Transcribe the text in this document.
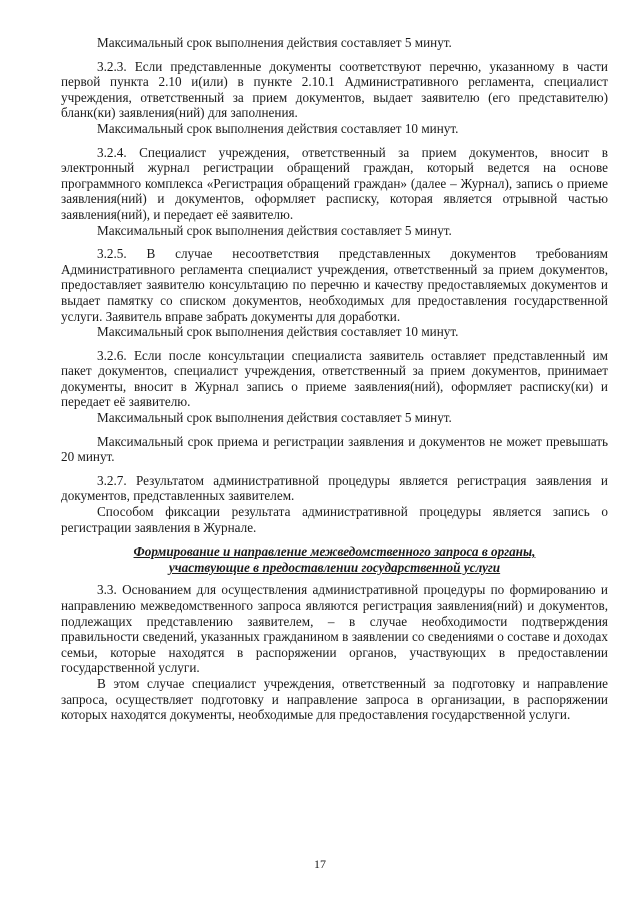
Максимальный срок выполнения действия составляет 5 минут.

3.2.3. Если представленные документы соответствуют перечню, указанному в части первой пункта 2.10 и(или) в пункте 2.10.1 Административного регламента, специалист учреждения, ответственный за прием документов, выдает заявителю (его представителю) бланк(ки) заявления(ний) для заполнения.

Максимальный срок выполнения действия составляет 10 минут.

3.2.4. Специалист учреждения, ответственный за прием документов, вносит в электронный журнал регистрации обращений граждан, который ведется на основе программного комплекса «Регистрация обращений граждан» (далее – Журнал), запись о приеме заявления(ний) и документов, оформляет расписку, которая является отрывной частью заявления(ний), и передает её заявителю.

Максимальный срок выполнения действия составляет 5 минут.

3.2.5. В случае несоответствия представленных документов требованиям Административного регламента специалист учреждения, ответственный за прием документов, предоставляет заявителю консультацию по перечню и качеству предоставляемых документов и выдает памятку со списком документов, необходимых для предоставления государственной услуги. Заявитель вправе забрать документы для доработки.

Максимальный срок выполнения действия составляет 10 минут.

3.2.6. Если после консультации специалиста заявитель оставляет представленный им пакет документов, специалист учреждения, ответственный за прием документов, принимает документы, вносит в Журнал запись о приеме заявления(ний), оформляет расписку(ки) и передает её заявителю.

Максимальный срок выполнения действия составляет 5 минут.

Максимальный срок приема и регистрации заявления и документов не может превышать 20 минут.

3.2.7. Результатом административной процедуры является регистрация заявления и документов, представленных заявителем.

Способом фиксации результата административной процедуры является запись о регистрации заявления в Журнале.

Формирование и направление межведомственного запроса в органы,
участвующие в предоставлении государственной услуги

3.3. Основанием для осуществления административной процедуры по формированию и направлению межведомственного запроса являются регистрация заявления(ний) и документов, подлежащих представлению заявителем, – в случае необходимости подтверждения правильности сведений, указанных гражданином в заявлении со сведениями о составе и доходах семьи, которые находятся в распоряжении органов, участвующих в предоставлении государственной услуги.

В этом случае специалист учреждения, ответственный за подготовку и направление запроса, осуществляет подготовку и направление запроса в организации, в распоряжении которых находятся документы, необходимые для предоставления государственной услуги.

17
